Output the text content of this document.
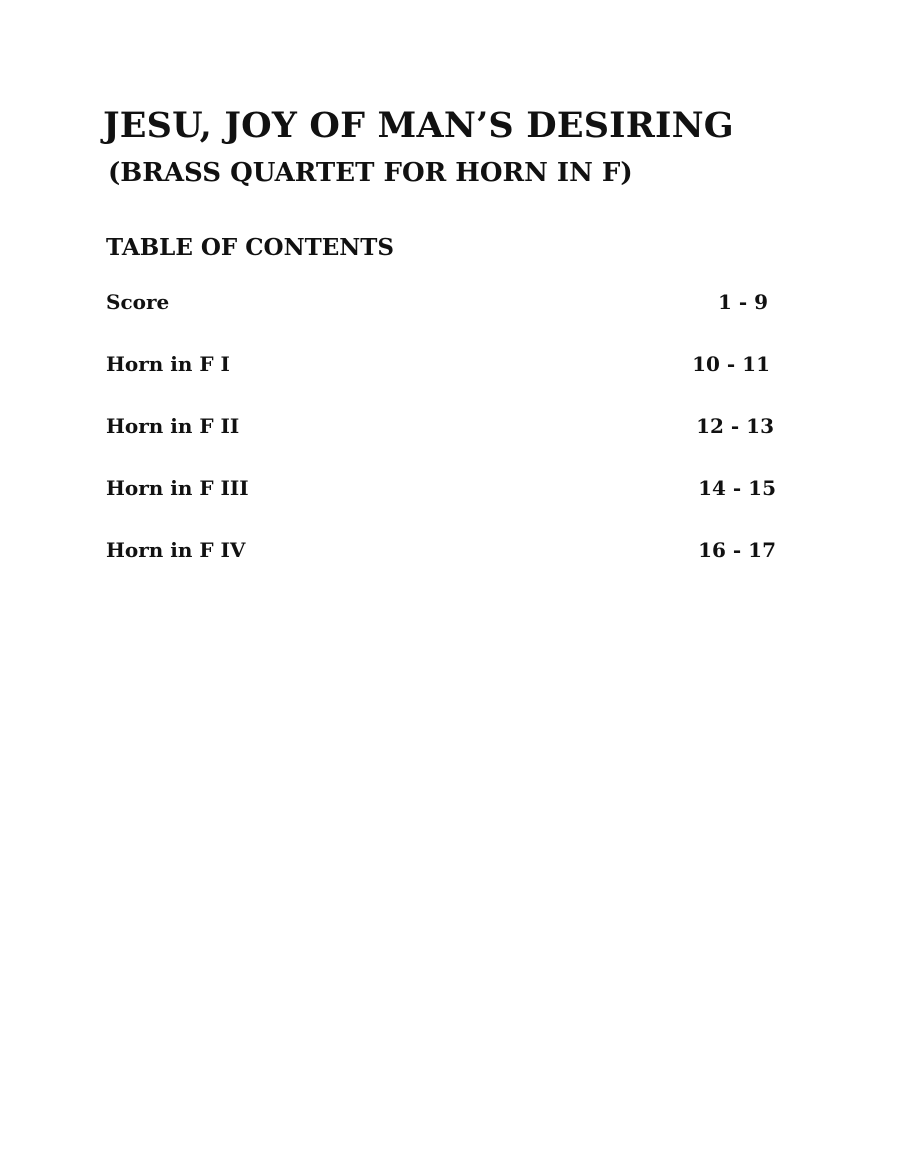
JESU, JOY OF MAN’S DESIRING
(BRASS QUARTET FOR HORN IN F)
TABLE OF CONTENTS
Score	1 - 9
Horn in F I	10 - 11
Horn in F II	12 - 13
Horn in F III	14 - 15
Horn in F IV	16 - 17
